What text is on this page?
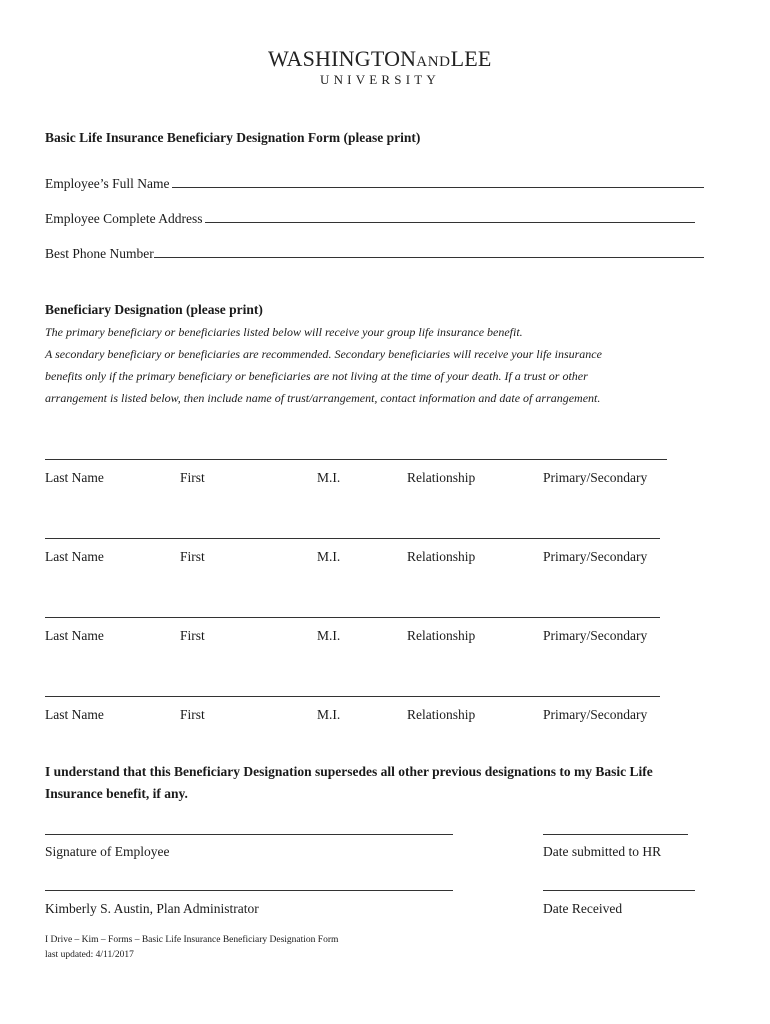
WASHINGTONANDLEE
UNIVERSITY
Basic Life Insurance Beneficiary Designation Form (please print)
Employee’s Full Name
Employee Complete Address
Best Phone Number
Beneficiary Designation (please print)
The primary beneficiary or beneficiaries listed below will receive your group life insurance benefit.
A secondary beneficiary or beneficiaries are recommended. Secondary beneficiaries will receive your life insurance
benefits only if the primary beneficiary or beneficiaries are not living at the time of your death. If a trust or other
arrangement is listed below, then include name of trust/arrangement, contact information and date of arrangement.
Last Name	First	M.I.	Relationship	Primary/Secondary
Last Name	First	M.I.	Relationship	Primary/Secondary
Last Name	First	M.I.	Relationship	Primary/Secondary
Last Name	First	M.I.	Relationship	Primary/Secondary
I understand that this Beneficiary Designation supersedes all other previous designations to my Basic Life
Insurance benefit, if any.
Signature of Employee	Date submitted to HR
Kimberly S. Austin, Plan Administrator	Date Received
I Drive – Kim – Forms – Basic Life Insurance Beneficiary Designation Form
last updated: 4/11/2017
